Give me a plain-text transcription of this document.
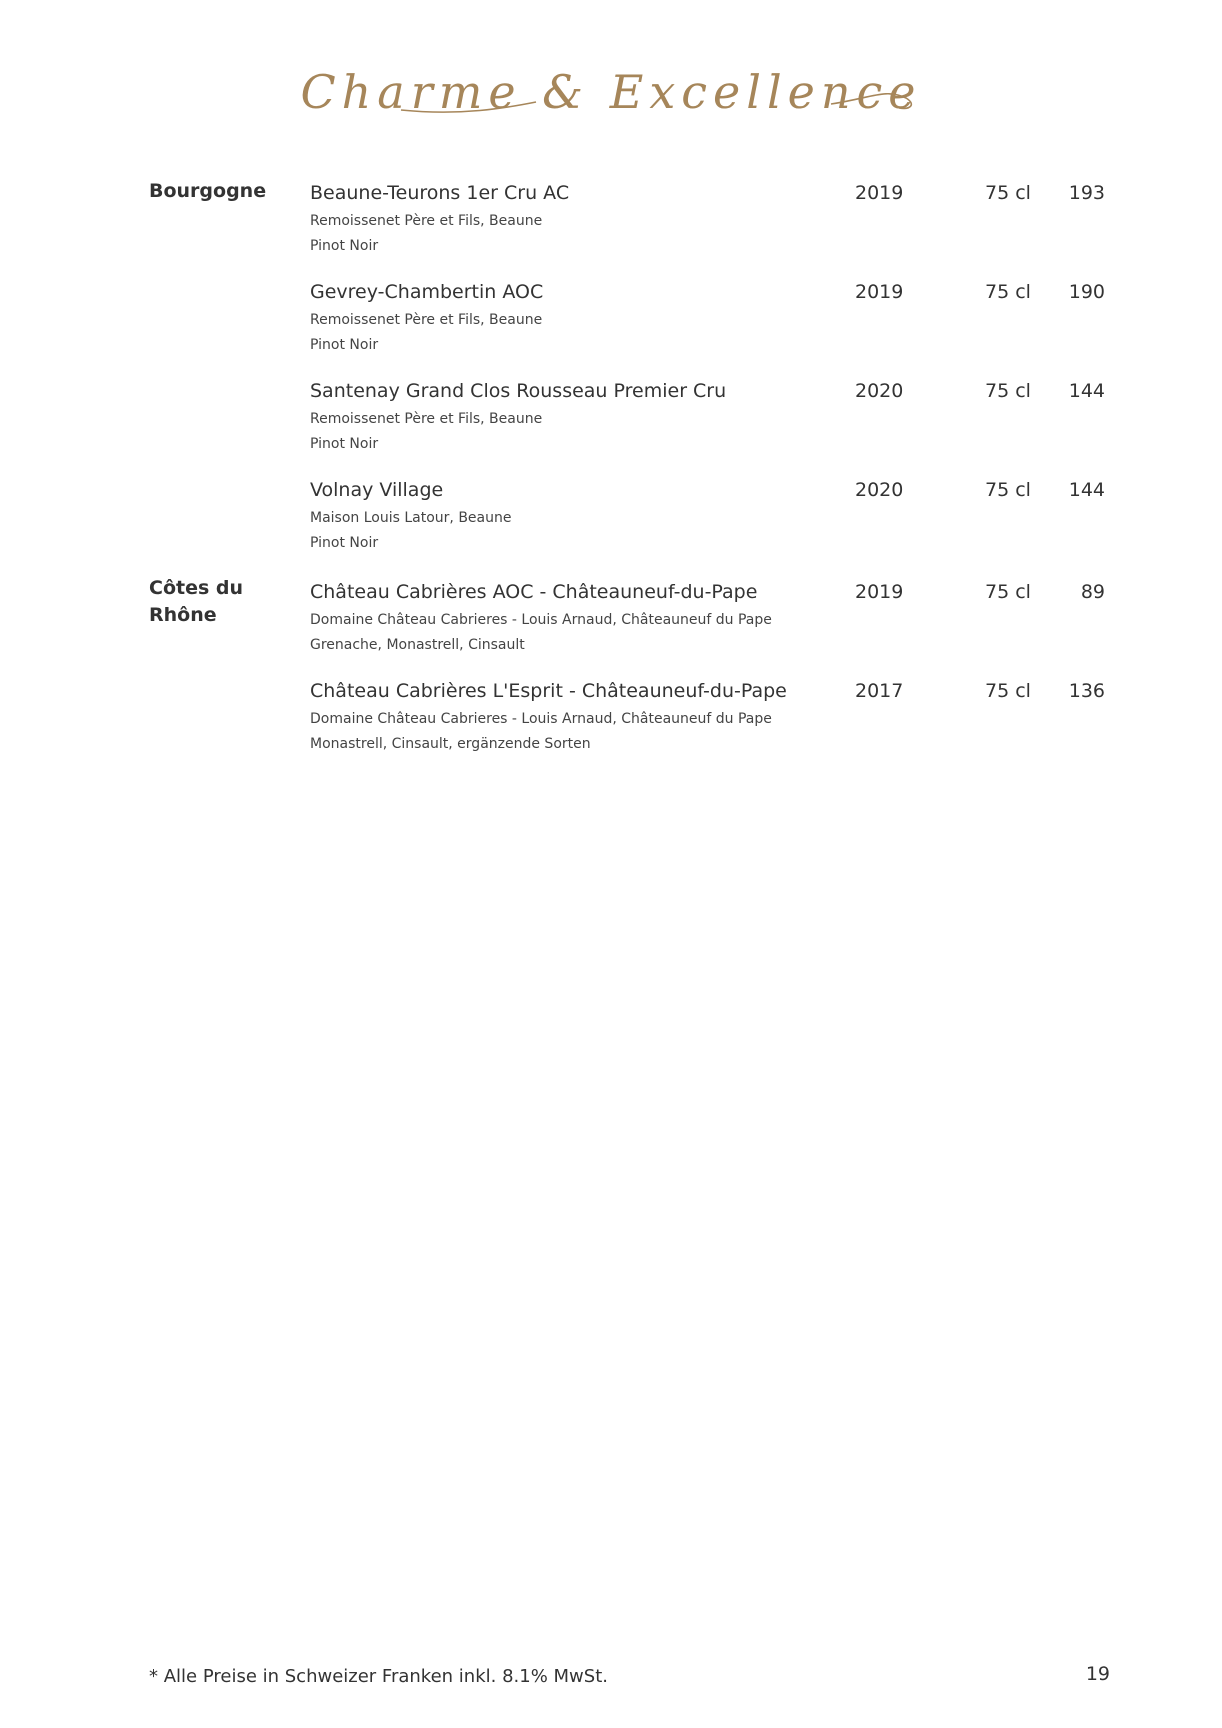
Charme & Excellence
Bourgogne	Beaune-Teurons 1er Cru AC
Remoissenet Père et Fils, Beaune
Pinot Noir
2019	75 cl 193
Gevrey-Chambertin AOC
Remoissenet Père et Fils, Beaune
Pinot Noir
2019	75 cl 190
Santenay Grand Clos Rousseau Premier Cru
Remoissenet Père et Fils, Beaune
Pinot Noir
2020	75 cl 144
Volnay Village
Maison Louis Latour, Beaune
Pinot Noir
2020	75 cl 144
Côtes du
Rhône
Château Cabrières AOC - Châteauneuf-du-Pape
Domaine Château Cabrieres - Louis Arnaud, Châteauneuf du Pape
Grenache, Monastrell, Cinsault
2019	75 cl	89
Château Cabrières L'Esprit - Châteauneuf-du-Pape
Domaine Château Cabrieres - Louis Arnaud, Châteauneuf du Pape
Monastrell, Cinsault, ergänzende Sorten
2017	75 cl 136
* Alle Preise in Schweizer Franken inkl. 8.1% MwSt.	19
